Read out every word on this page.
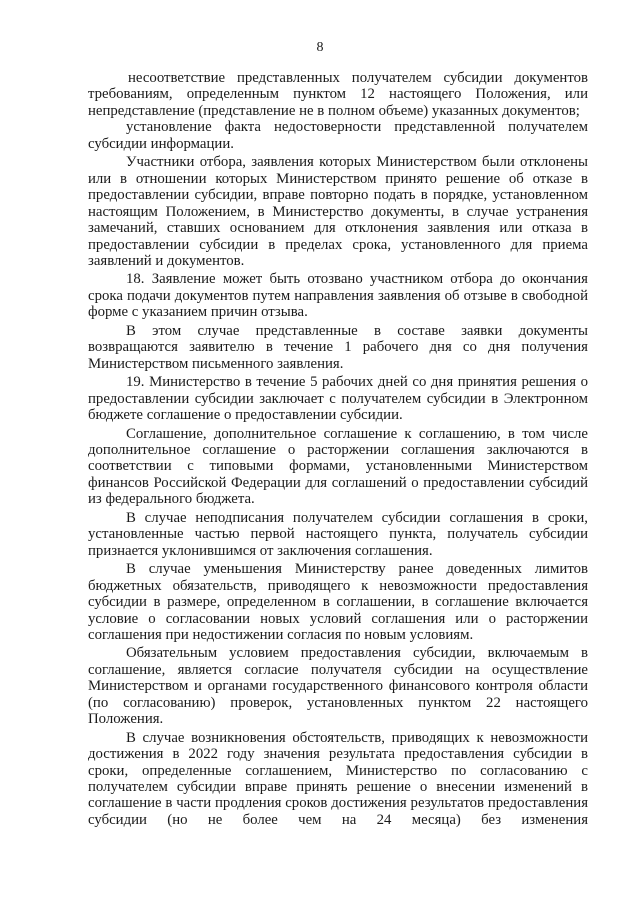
8

несоответствие представленных получателем субсидии документов требованиям, определенным пунктом 12 настоящего Положения, или непредставление (представление не в полном объеме) указанных документов;

установление факта недостоверности представленной получателем субсидии информации.

Участники отбора, заявления которых Министерством были отклонены или в отношении которых Министерством принято решение об отказе в предоставлении субсидии, вправе повторно подать в порядке, установленном настоящим Положением, в Министерство документы, в случае устранения замечаний, ставших основанием для отклонения заявления или отказа в предоставлении субсидии в пределах срока, установленного для приема заявлений и документов.

18. Заявление может быть отозвано участником отбора до окончания срока подачи документов путем направления заявления об отзыве в свободной форме с указанием причин отзыва.

В этом случае представленные в составе заявки документы возвращаются заявителю в течение 1 рабочего дня со дня получения Министерством письменного заявления.

19. Министерство в течение 5 рабочих дней со дня принятия решения о предоставлении субсидии заключает с получателем субсидии в Электронном бюджете соглашение о предоставлении субсидии.

Соглашение, дополнительное соглашение к соглашению, в том числе дополнительное соглашение о расторжении соглашения заключаются в соответствии с типовыми формами, установленными Министерством финансов Российской Федерации для соглашений о предоставлении субсидий из федерального бюджета.

В случае неподписания получателем субсидии соглашения в сроки, установленные частью первой настоящего пункта, получатель субсидии признается уклонившимся от заключения соглашения.

В случае уменьшения Министерству ранее доведенных лимитов бюджетных обязательств, приводящего к невозможности предоставления субсидии в размере, определенном в соглашении, в соглашение включается условие о согласовании новых условий соглашения или о расторжении соглашения при недостижении согласия по новым условиям.

Обязательным условием предоставления субсидии, включаемым в соглашение, является согласие получателя субсидии на осуществление Министерством и органами государственного финансового контроля области (по согласованию) проверок, установленных пунктом 22 настоящего Положения.

В случае возникновения обстоятельств, приводящих к невозможности достижения в 2022 году значения результата предоставления субсидии в сроки, определенные соглашением, Министерство по согласованию с получателем субсидии вправе принять решение о внесении изменений в соглашение в части продления сроков достижения результатов предоставления субсидии (но не более чем на 24 месяца) без изменения
